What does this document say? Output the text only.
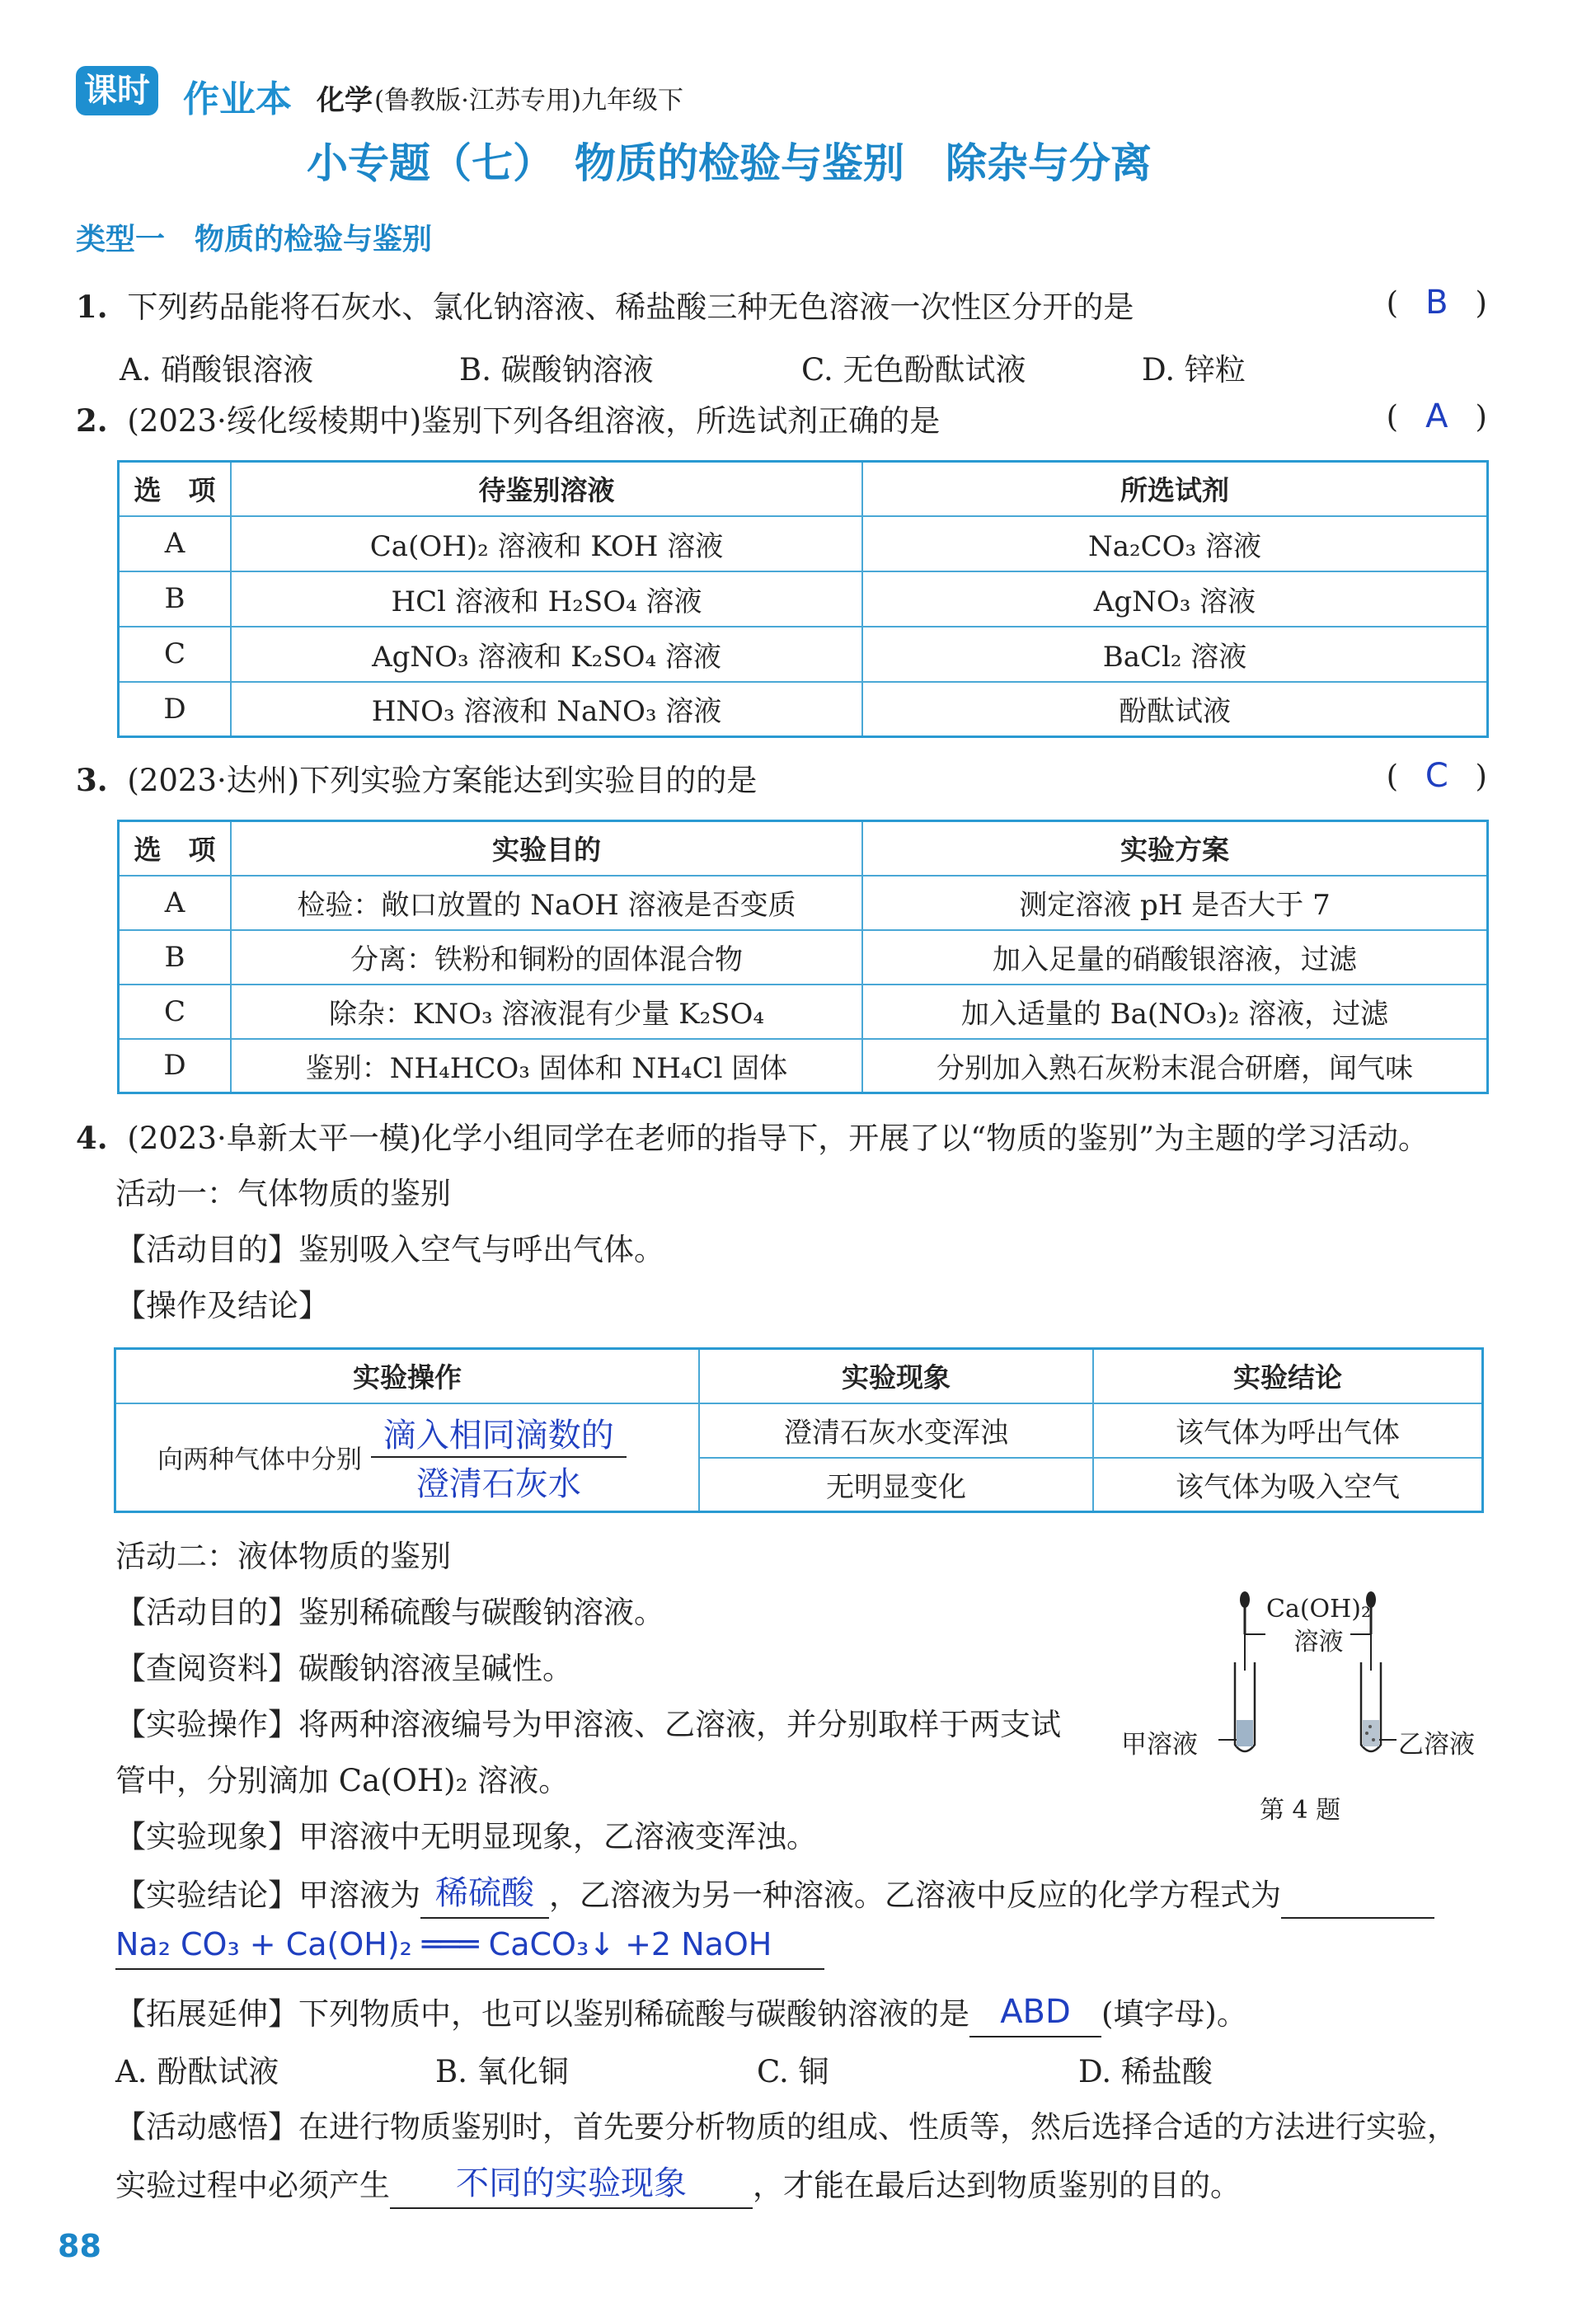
课时 作业本 化学 (鲁教版·江苏专用)九年级下
小专题（七）　物质的检验与鉴别　除杂与分离
类型一　物质的检验与鉴别
1. 下列药品能将石灰水、氯化钠溶液、稀盐酸三种无色溶液一次性区分开的是	( B )
A. 硝酸银溶液	B. 碳酸钠溶液	C. 无色酚酞试液	D. 锌粒
2. (2023·绥化绥棱期中)鉴别下列各组溶液，所选试剂正确的是	( A )
选　项	待鉴别溶液	所选试剂
A	Ca(OH)₂ 溶液和 KOH 溶液	Na₂CO₃ 溶液
B	HCl 溶液和 H₂SO₄ 溶液	AgNO₃ 溶液
C	AgNO₃ 溶液和 K₂SO₄ 溶液	BaCl₂ 溶液
D	HNO₃ 溶液和 NaNO₃ 溶液	酚酞试液
3. (2023·达州)下列实验方案能达到实验目的的是	( C )
选　项	实验目的	实验方案
A	检验：敞口放置的 NaOH 溶液是否变质	测定溶液 pH 是否大于 7
B	分离：铁粉和铜粉的固体混合物	加入足量的硝酸银溶液，过滤
C	除杂：KNO₃ 溶液混有少量 K₂SO₄	加入适量的 Ba(NO₃)₂ 溶液，过滤
D	鉴别：NH₄HCO₃ 固体和 NH₄Cl 固体	分别加入熟石灰粉末混合研磨，闻气味
4. (2023·阜新太平一模)化学小组同学在老师的指导下，开展了以“物质的鉴别”为主题的学习活动。
活动一：气体物质的鉴别
【活动目的】鉴别吸入空气与呼出气体。
【操作及结论】
实验操作	实验现象	实验结论
向两种气体中分别
滴入相同滴数的
澄清石灰水	澄清石灰水变浑浊	该气体为呼出气体
	无明显变化	该气体为吸入空气
活动二：液体物质的鉴别
【活动目的】鉴别稀硫酸与碳酸钠溶液。
【查阅资料】碳酸钠溶液呈碱性。
【实验操作】将两种溶液编号为甲溶液、乙溶液，并分别取样于两支试
管中，分别滴加 Ca(OH)₂ 溶液。
【实验现象】甲溶液中无明显现象，乙溶液变浑浊。
Ca(OH)₂
溶液
甲溶液	乙溶液
第 4 题
【实验结论】甲溶液为 稀硫酸 ，乙溶液为另一种溶液。乙溶液中反应的化学方程式为
Na₂ CO₃ + Ca(OH)₂ ═══ CaCO₃↓ +2 NaOH
【拓展延伸】下列物质中，也可以鉴别稀硫酸与碳酸钠溶液的是 ABD (填字母)。
A. 酚酞试液	B. 氧化铜	C. 铜	D. 稀盐酸
【活动感悟】在进行物质鉴别时，首先要分析物质的组成、性质等，然后选择合适的方法进行实验，
实验过程中必须产生 不同的实验现象 ，才能在最后达到物质鉴别的目的。
88
